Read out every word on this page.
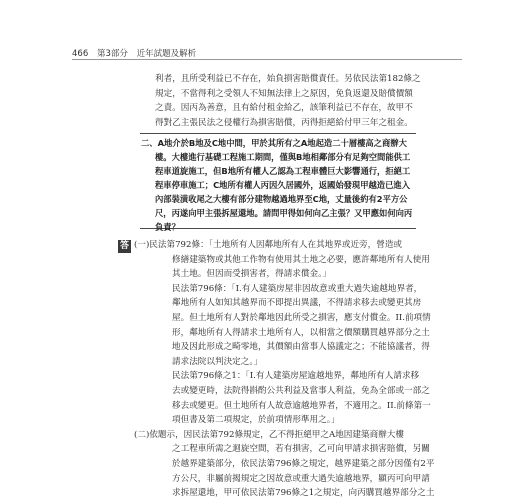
466 第3部分 近年試題及解析
利者，且所受利益已不存在，始負損害賠償責任。另依民法第182條之
規定，不當得利之受領人不知無法律上之原因，免負返還及賠償價額
之責。因丙為善意，且有給付租金給乙，該筆利益已不存在，故甲不
得對乙主張民法之侵權行為損害賠償，丙得拒絕給付甲三年之租金。
二、A地介於B地及C地中間，甲於其所有之A地起造二十層樓高之商辦大
樓。大樓進行基礎工程施工期間，僅與B地相鄰部分有足夠空間能供工
程車道旋施工，但B地所有權人乙認為工程車體巨大影響通行，拒絕工
程車停車施工；C地所有權人丙因久居國外，返國始發現甲越造已進入
內部裝潢收尾之大樓有部分建物越過地界至C地，丈量後約有2平方公
尺，丙遂向甲主張拆屋還地。請問甲得如何向乙主張？又甲應如何向丙
負責？
答 (一)民法第792條：「土地所有人因鄰地所有人在其地界或近旁，營造或
修繕建築物或其他工作物有使用其土地之必要，應許鄰地所有人使用
其土地。但因而受損害者，得請求償金。」
民法第796條：「I.有人建築房屋非因故意或重大過失逾越地界者，
鄰地所有人如知其越界而不即提出異議，不得請求移去或變更其房
屋。但土地所有人對於鄰地因此所受之損害，應支付償金。II.前項情
形，鄰地所有人得請求土地所有人，以相當之價額購買越界部分之土
地及因此形成之畸零地，其價額由當事人協議定之；不能協議者，得
請求法院以判決定之。」
民法第796條之1：「I.有人建築房屋逾越地界，鄰地所有人請求移
去或變更時，法院得斟酌公共利益及當事人利益，免為全部或一部之
移去或變更。但土地所有人故意逾越地界者，不適用之。II.前條第一
項但書及第二項規定，於前項情形準用之。」
(二)依題示，因民法第792條規定，乙不得拒絕甲之A地因建築商辦大樓
之工程車所需之迴旋空間，若有損害，乙可向甲請求損害賠償，另關
於越界建築部分，依民法第796條之規定，越界建築之部分因僅有2平
方公尺，非屬前揭規定之因故意或重大過失逾越地界，顯丙可向甲請
求拆屋還地，甲可依民法第796條之1之規定，向丙購買越界部分之土
